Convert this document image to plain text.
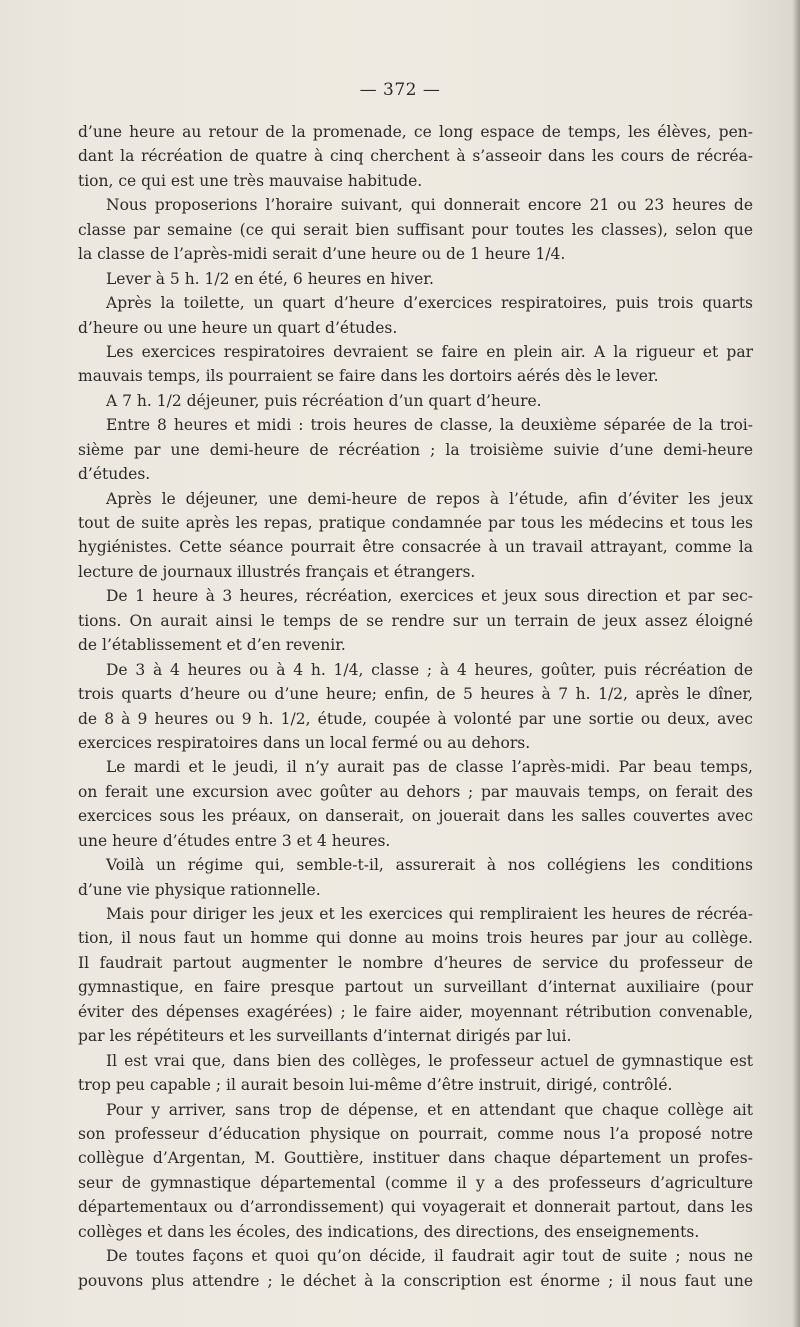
— 372 —
d’une heure au retour de la promenade, ce long espace de temps, les élèves, pen-
dant la récréation de quatre à cinq cherchent à s’asseoir dans les cours de récréa-
tion, ce qui est une très mauvaise habitude.
Nous proposerions l’horaire suivant, qui donnerait encore 21 ou 23 heures de
classe par semaine (ce qui serait bien suffisant pour toutes les classes), selon que
la classe de l’après-midi serait d’une heure ou de 1 heure 1/4.
Lever à 5 h. 1/2 en été, 6 heures en hiver.
Après la toilette, un quart d’heure d’exercices respiratoires, puis trois quarts
d’heure ou une heure un quart d’études.
Les exercices respiratoires devraient se faire en plein air. A la rigueur et par
mauvais temps, ils pourraient se faire dans les dortoirs aérés dès le lever.
A 7 h. 1/2 déjeuner, puis récréation d’un quart d’heure.
Entre 8 heures et midi : trois heures de classe, la deuxième séparée de la troi-
sième par une demi-heure de récréation ; la troisième suivie d’une demi-heure
d’études.
Après le déjeuner, une demi-heure de repos à l’étude, afin d’éviter les jeux
tout de suite après les repas, pratique condamnée par tous les médecins et tous les
hygiénistes. Cette séance pourrait être consacrée à un travail attrayant, comme la
lecture de journaux illustrés français et étrangers.
De 1 heure à 3 heures, récréation, exercices et jeux sous direction et par sec-
tions. On aurait ainsi le temps de se rendre sur un terrain de jeux assez éloigné
de l’établissement et d’en revenir.
De 3 à 4 heures ou à 4 h. 1/4, classe ; à 4 heures, goûter, puis récréation de
trois quarts d’heure ou d’une heure; enfin, de 5 heures à 7 h. 1/2, après le dîner,
de 8 à 9 heures ou 9 h. 1/2, étude, coupée à volonté par une sortie ou deux, avec
exercices respiratoires dans un local fermé ou au dehors.
Le mardi et le jeudi, il n’y aurait pas de classe l’après-midi. Par beau temps,
on ferait une excursion avec goûter au dehors ; par mauvais temps, on ferait des
exercices sous les préaux, on danserait, on jouerait dans les salles couvertes avec
une heure d’études entre 3 et 4 heures.
Voilà un régime qui, semble-t-il, assurerait à nos collégiens les conditions
d’une vie physique rationnelle.
Mais pour diriger les jeux et les exercices qui rempliraient les heures de récréa-
tion, il nous faut un homme qui donne au moins trois heures par jour au collège.
Il faudrait partout augmenter le nombre d’heures de service du professeur de
gymnastique, en faire presque partout un surveillant d’internat auxiliaire (pour
éviter des dépenses exagérées) ; le faire aider, moyennant rétribution convenable,
par les répétiteurs et les surveillants d’internat dirigés par lui.
Il est vrai que, dans bien des collèges, le professeur actuel de gymnastique est
trop peu capable ; il aurait besoin lui-même d’être instruit, dirigé, contrôlé.
Pour y arriver, sans trop de dépense, et en attendant que chaque collège ait
son professeur d’éducation physique on pourrait, comme nous l’a proposé notre
collègue d’Argentan, M. Gouttière, instituer dans chaque département un profes-
seur de gymnastique départemental (comme il y a des professeurs d’agriculture
départementaux ou d’arrondissement) qui voyagerait et donnerait partout, dans les
collèges et dans les écoles, des indications, des directions, des enseignements.
De toutes façons et quoi qu’on décide, il faudrait agir tout de suite ; nous ne
pouvons plus attendre ; le déchet à la conscription est énorme ; il nous faut une
